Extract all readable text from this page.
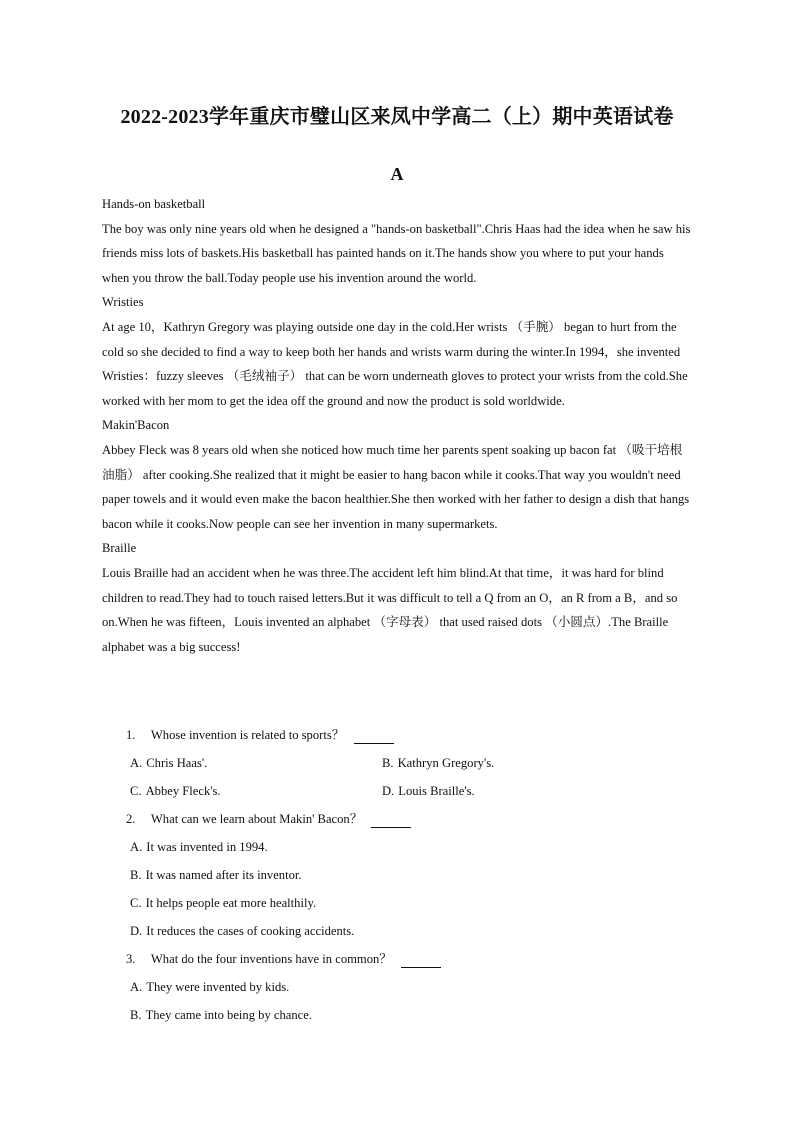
2022-2023学年重庆市璧山区来凤中学高二（上）期中英语试卷
A

Hands-on basketball

The boy was only nine years old when he designed a "hands-on basketball".Chris Haas had the idea when he saw his friends miss lots of baskets.His basketball has painted hands on it.The hands show you where to put your hands when you throw the ball.Today people use his invention around the world.

Wristies

At age 10，Kathryn Gregory was playing outside one day in the cold.Her wrists （手腕） began to hurt from the cold so she decided to find a way to keep both her hands and wrists warm during the winter.In 1994，she invented Wristies：fuzzy sleeves （毛绒袖子） that can be worn underneath gloves to protect your wrists from the cold.She worked with her mom to get the idea off the ground and now the product is sold worldwide.

Makin'Bacon

Abbey Fleck was 8 years old when she noticed how much time her parents spent soaking up bacon fat （吸干培根油脂） after cooking.She realized that it might be easier to hang bacon while it cooks.That way you wouldn't need paper towels and it would even make the bacon healthier.She then worked with her father to design a dish that hangs bacon while it cooks.Now people can see her invention in many supermarkets.

Braille

Louis Braille had an accident when he was three.The accident left him blind.At that time，it was hard for blind children to read.They had to touch raised letters.But it was difficult to tell a Q from an O，an R from a B，and so on.When he was fifteen，Louis invented an alphabet （字母表） that used raised dots （小圆点）.The Braille alphabet was a big success!

1. Whose invention is related to sports？
A. Chris Haas'.	B. Kathryn Gregory's.
C. Abbey Fleck's.	D. Louis Braille's.
2. What can we learn about Makin' Bacon？
A. It was invented in 1994.
B. It was named after its inventor.
C. It helps people eat more healthily.
D. It reduces the cases of cooking accidents.
3. What do the four inventions have in common？
A. They were invented by kids.
B. They came into being by chance.
